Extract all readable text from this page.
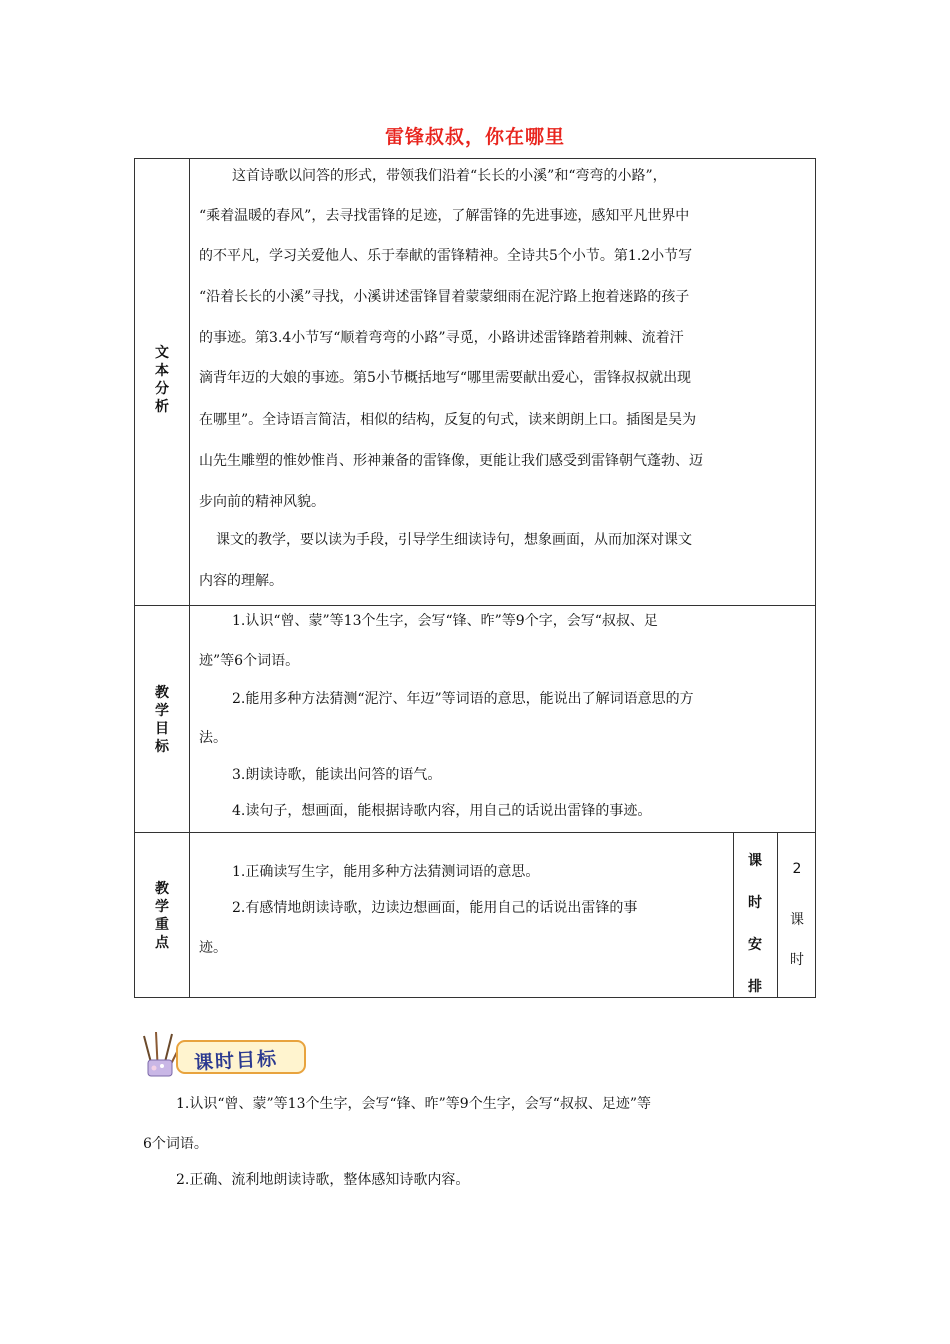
雷锋叔叔，你在哪里
文本分析
这首诗歌以问答的形式，带领我们沿着“长长的小溪”和“弯弯的小路”，
“乘着温暖的春风”，去寻找雷锋的足迹，了解雷锋的先进事迹，感知平凡世界中
的不平凡，学习关爱他人、乐于奉献的雷锋精神。全诗共5个小节。第1.2小节写
“沿着长长的小溪”寻找，小溪讲述雷锋冒着蒙蒙细雨在泥泞路上抱着迷路的孩子
的事迹。第3.4小节写“顺着弯弯的小路”寻觅，小路讲述雷锋踏着荆棘、流着汗
滴背年迈的大娘的事迹。第5小节概括地写“哪里需要献出爱心，雷锋叔叔就出现
在哪里”。全诗语言简洁，相似的结构，反复的句式，读来朗朗上口。插图是吴为
山先生雕塑的惟妙惟肖、形神兼备的雷锋像，更能让我们感受到雷锋朝气蓬勃、迈
步向前的精神风貌。
课文的教学，要以读为手段，引导学生细读诗句，想象画面，从而加深对课文
内容的理解。
教学目标
1.认识“曾、蒙”等13个生字，会写“锋、昨”等9个字，会写“叔叔、足
迹”等6个词语。
2.能用多种方法猜测“泥泞、年迈”等词语的意思，能说出了解词语意思的方
法。
3.朗读诗歌，能读出问答的语气。
4.读句子，想画面，能根据诗歌内容，用自己的话说出雷锋的事迹。
教学重点
1.正确读写生字，能用多种方法猜测词语的意思。
2.有感情地朗读诗歌，边读边想画面，能用自己的话说出雷锋的事
迹。
课时安排
2
课时
课时目标
1.认识“曾、蒙”等13个生字，会写“锋、昨”等9个生字，会写“叔叔、足迹”等
6个词语。
2.正确、流利地朗读诗歌，整体感知诗歌内容。
